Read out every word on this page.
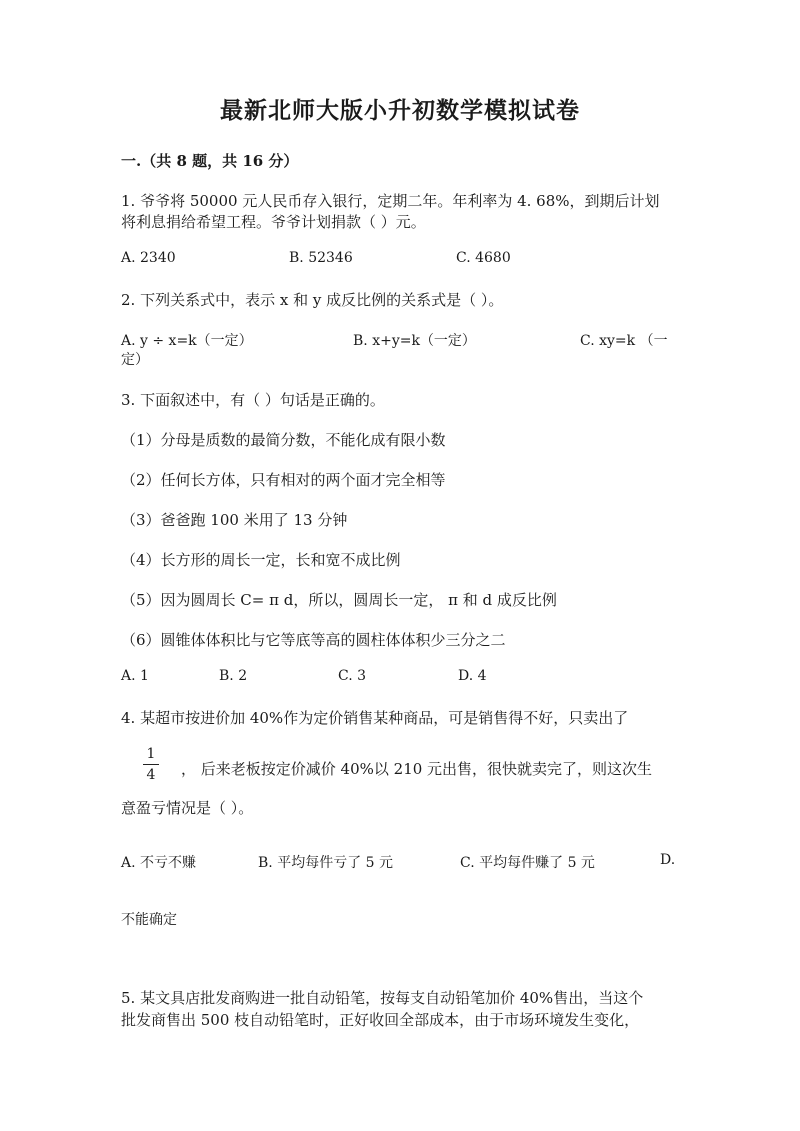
最新北师大版小升初数学模拟试卷
一.（共 8 题，共 16 分）
1. 爷爷将 50000 元人民币存入银行，定期二年。年利率为 4. 68%，到期后计划
将利息捐给希望工程。爷爷计划捐款（ ）元。
A. 2340	B. 52346	C. 4680
2. 下列关系式中，表示 x 和 y 成反比例的关系式是（ ）。
A. y ÷ x=k（一定）	B. x+y=k（一定）	C. xy=k （一
定）
3. 下面叙述中，有（ ）句话是正确的。
（1）分母是质数的最简分数，不能化成有限小数
（2）任何长方体，只有相对的两个面才完全相等
（3）爸爸跑 100 米用了 13 分钟
（4）长方形的周长一定，长和宽不成比例
（5）因为圆周长 C= π d，所以，圆周长一定， π 和 d 成反比例
（6）圆锥体体积比与它等底等高的圆柱体体积少三分之二
A. 1	B. 2	C. 3	D. 4
4. 某超市按进价加 40%作为定价销售某种商品，可是销售得不好，只卖出了
1
4 ， 后来老板按定价减价 40%以 210 元出售，很快就卖完了，则这次生
意盈亏情况是（ ）。
A. 不亏不赚	B. 平均每件亏了 5 元	C. 平均每件赚了 5 元	D.
不能确定
5. 某文具店批发商购进一批自动铅笔，按每支自动铅笔加价 40%售出，当这个
批发商售出 500 枝自动铅笔时，正好收回全部成本，由于市场环境发生变化，
